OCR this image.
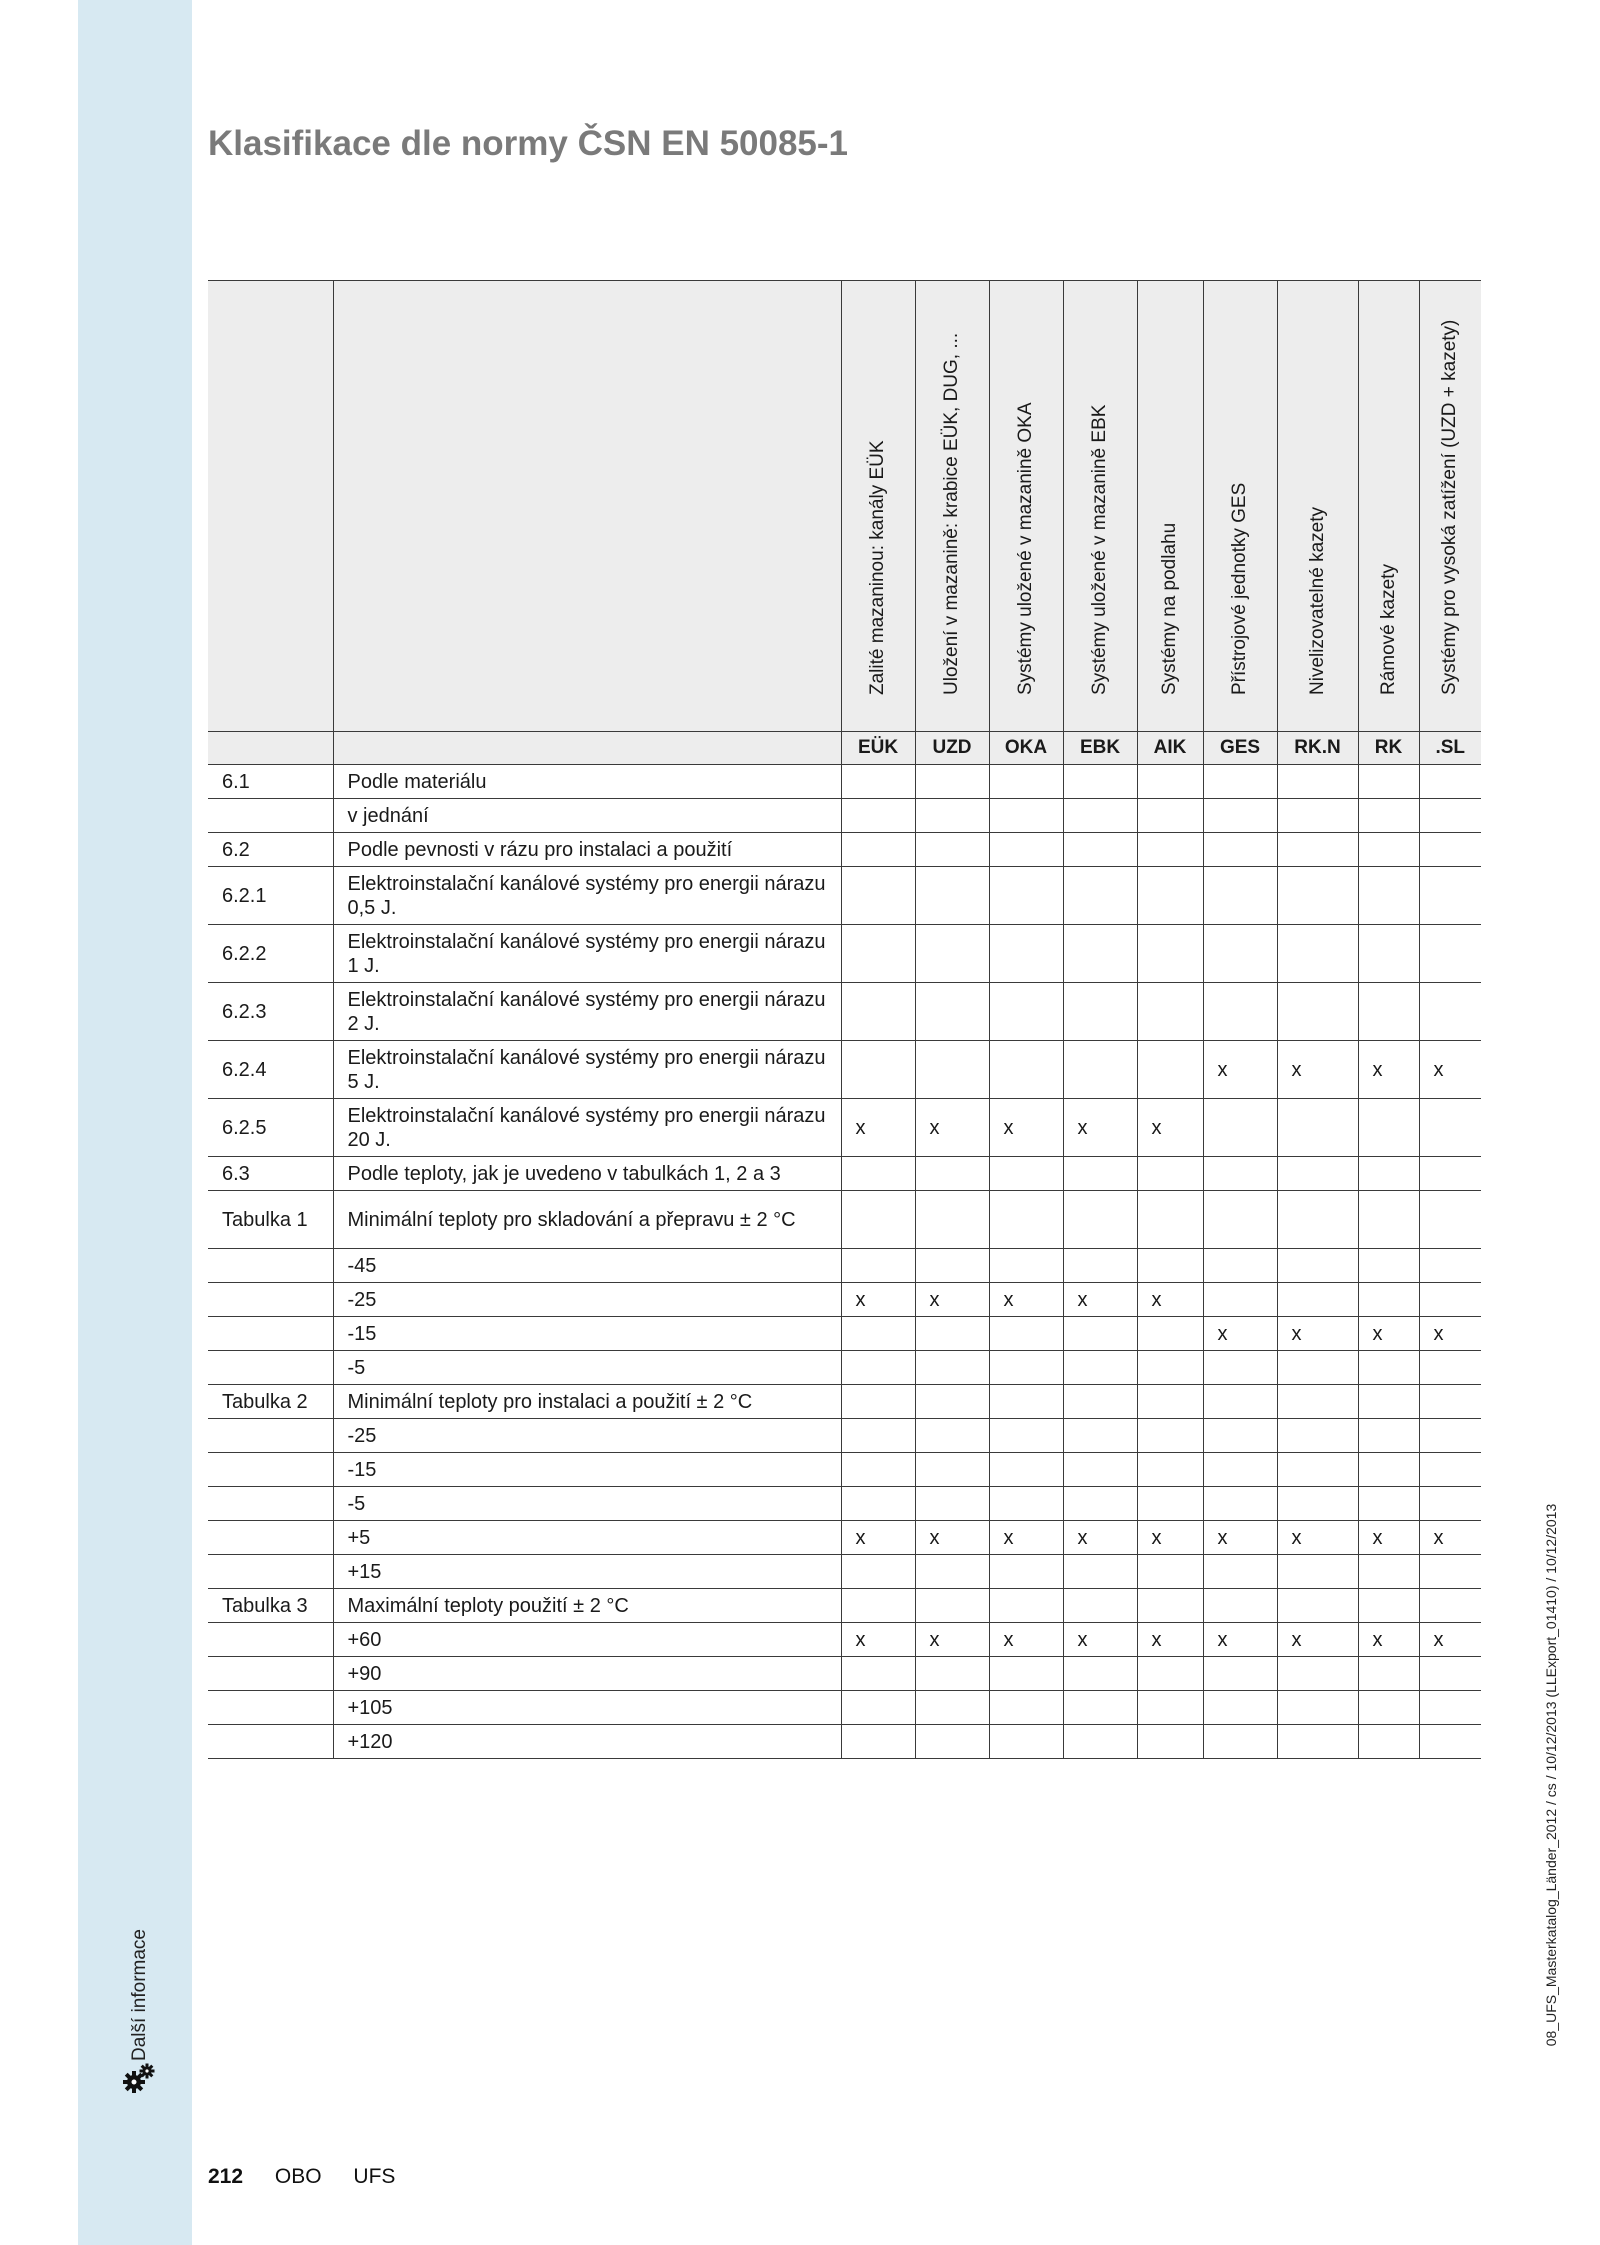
Další informace
Klasifikace dle normy ČSN EN 50085-1

		Zalité mazaninou: kanály EÜK	Uložení v mazanině: krabice EÜK, DUG, ...	Systémy uložené v mazanině OKA	Systémy uložené v mazanině EBK	Systémy na podlahu	Přístrojové jednotky GES	Nivelizovatelné kazety	Rámové kazety	Systémy pro vysoká zatížení (UZD + kazety)

		EÜK	UZD	OKA	EBK	AIK	GES	RK.N	RK	.SL
6.1	Podle materiálu									
	v jednání									
6.2	Podle pevnosti v rázu pro instalaci a použití									
6.2.1	Elektroinstalační kanálové systémy pro energii nárazu 0,5 J.									
6.2.2	Elektroinstalační kanálové systémy pro energii nárazu 1 J.									
6.2.3	Elektroinstalační kanálové systémy pro energii nárazu 2 J.									
6.2.4	Elektroinstalační kanálové systémy pro energii nárazu 5 J.						x	x	x	x
6.2.5	Elektroinstalační kanálové systémy pro energii nárazu 20 J.	x	x	x	x	x				
6.3	Podle teploty, jak je uvedeno v tabulkách 1, 2 a 3									
Tabulka 1	Minimální teploty pro skladování a přepravu ± 2 °C									
	-45									
	-25	x	x	x	x	x				
	-15						x	x	x	x
	-5									
Tabulka 2	Minimální teploty pro instalaci a použití ± 2 °C									
	-25									
	-15									
	-5									
	+5	x	x	x	x	x	x	x	x	x
	+15									
Tabulka 3	Maximální teploty použití ± 2 °C									
	+60	x	x	x	x	x	x	x	x	x
	+90									
	+105									
	+120									
212 OBO UFS
08_UFS_Masterkatalog_Länder_2012 / cs / 10/12/2013 (LLExport_01410) / 10/12/2013
